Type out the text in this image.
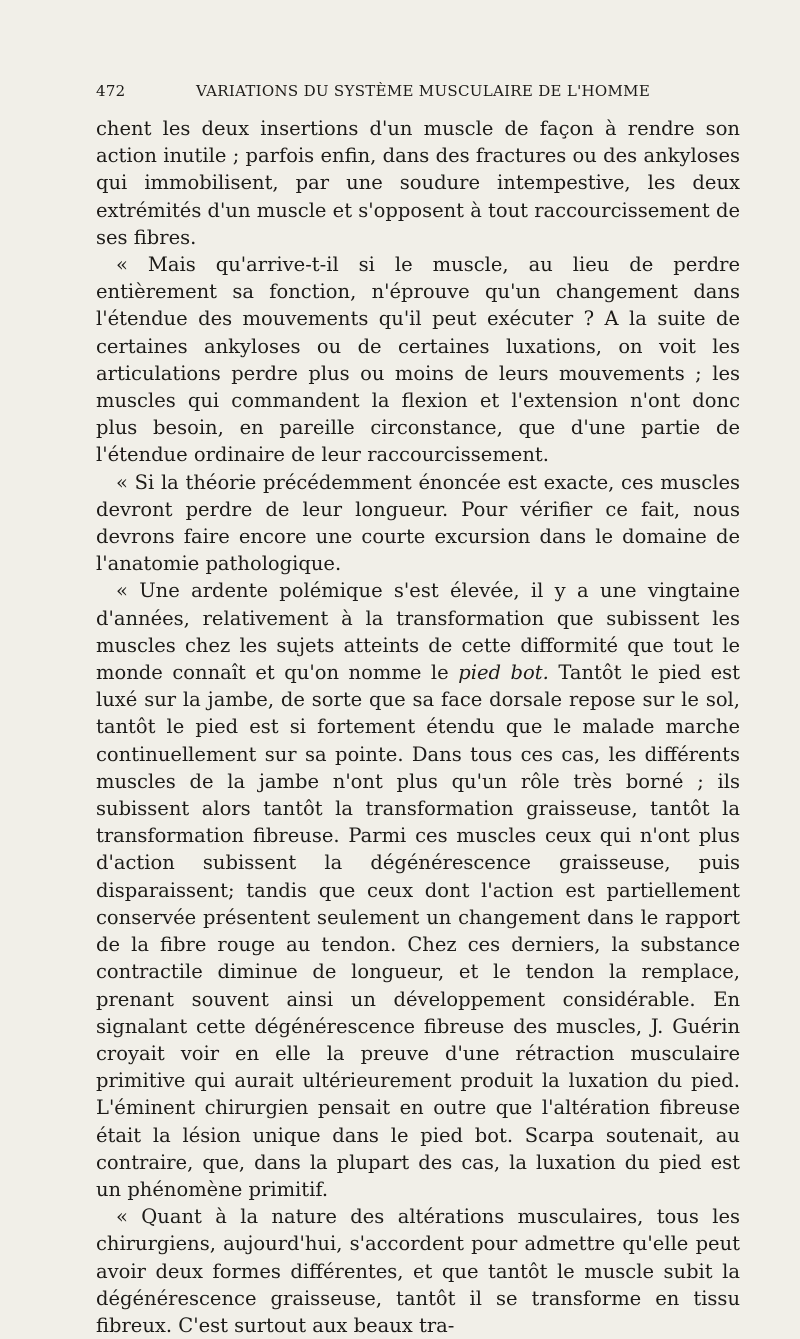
472	VARIATIONS DU SYSTÈME MUSCULAIRE DE L'HOMME

chent les deux insertions d'un muscle de façon à rendre son action inutile ; parfois enfin, dans des fractures ou des ankyloses qui immobilisent, par une soudure intempestive, les deux extrémités d'un muscle et s'opposent à tout raccourcissement de ses fibres.

« Mais qu'arrive-t-il si le muscle, au lieu de perdre entièrement sa fonction, n'éprouve qu'un changement dans l'étendue des mouvements qu'il peut exécuter ? A la suite de certaines ankyloses ou de certaines luxations, on voit les articulations perdre plus ou moins de leurs mouvements ; les muscles qui commandent la flexion et l'extension n'ont donc plus besoin, en pareille circonstance, que d'une partie de l'étendue ordinaire de leur raccourcissement.

« Si la théorie précédemment énoncée est exacte, ces muscles devront perdre de leur longueur. Pour vérifier ce fait, nous devrons faire encore une courte excursion dans le domaine de l'anatomie pathologique.

« Une ardente polémique s'est élevée, il y a une vingtaine d'années, relativement à la transformation que subissent les muscles chez les sujets atteints de cette difformité que tout le monde connaît et qu'on nomme le pied bot. Tantôt le pied est luxé sur la jambe, de sorte que sa face dorsale repose sur le sol, tantôt le pied est si fortement étendu que le malade marche continuellement sur sa pointe. Dans tous ces cas, les différents muscles de la jambe n'ont plus qu'un rôle très borné ; ils subissent alors tantôt la transformation graisseuse, tantôt la transformation fibreuse. Parmi ces muscles ceux qui n'ont plus d'action subissent la dégénérescence graisseuse, puis disparaissent; tandis que ceux dont l'action est partiellement conservée présentent seulement un changement dans le rapport de la fibre rouge au tendon. Chez ces derniers, la substance contractile diminue de longueur, et le tendon la remplace, prenant souvent ainsi un développement considérable. En signalant cette dégénérescence fibreuse des muscles, J. Guérin croyait voir en elle la preuve d'une rétraction musculaire primitive qui aurait ultérieurement produit la luxation du pied. L'éminent chirurgien pensait en outre que l'altération fibreuse était la lésion unique dans le pied bot. Scarpa soutenait, au contraire, que, dans la plupart des cas, la luxation du pied est un phénomène primitif.

« Quant à la nature des altérations musculaires, tous les chirurgiens, aujourd'hui, s'accordent pour admettre qu'elle peut avoir deux formes différentes, et que tantôt le muscle subit la dégénérescence graisseuse, tantôt il se transforme en tissu fibreux. C'est surtout aux beaux tra-
